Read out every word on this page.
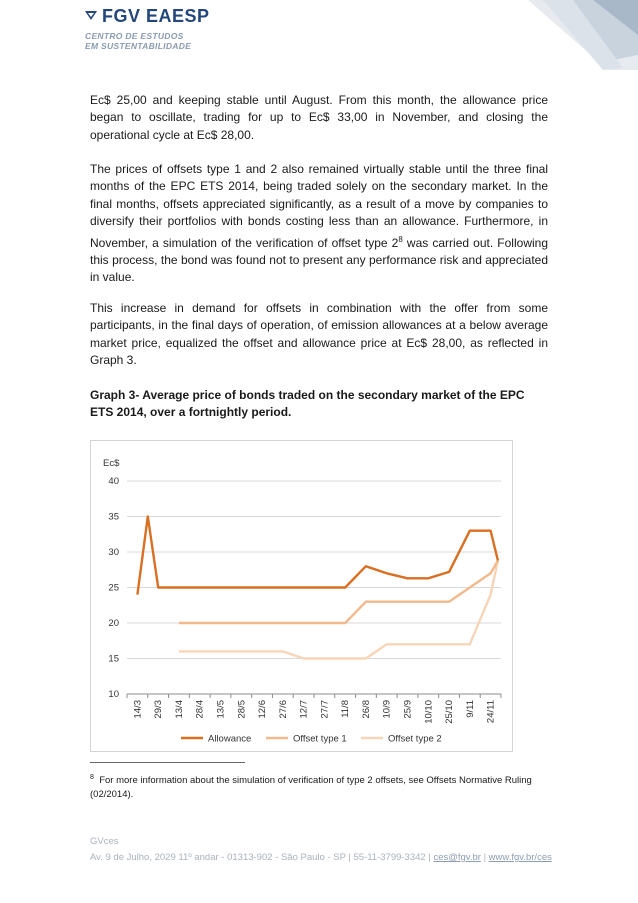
FGV EAESP
CENTRO DE ESTUDOS
EM SUSTENTABILIDADE
Ec$ 25,00 and keeping stable until August. From this month, the allowance price began to oscillate, trading for up to Ec$ 33,00 in November, and closing the operational cycle at Ec$ 28,00.
The prices of offsets type 1 and 2 also remained virtually stable until the three final months of the EPC ETS 2014, being traded solely on the secondary market. In the final months, offsets appreciated significantly, as a result of a move by companies to diversify their portfolios with bonds costing less than an allowance. Furthermore, in November, a simulation of the verification of offset type $2^8$ was carried out. Following this process, the bond was found not to present any performance risk and appreciated in value.
This increase in demand for offsets in combination with the offer from some participants, in the final days of operation, of emission allowances at a below average market price, equalized the offset and allowance price at Ec$ 28,00, as reflected in Graph 3.
Graph 3- Average price of bonds traded on the secondary market of the EPC ETS 2014, over a fortnightly period.
10
15
20
25
30
35
40
Ec$
14/3 29/3 13/4 28/4 13/5 28/5 12/6 27/6 12/7 27/7 11/8 26/8 10/9 25/9 10/10 25/10 9/11 24/11
Allowance	Offset type 1	Offset type 2
$^8$ For more information about the simulation of verification of type 2 offsets, see Offsets Normative Ruling (02/2014).
GVces
Av. 9 de Julho, 2029 11º andar - 01313-902 - São Paulo - SP | 55-11-3799-3342 | ces@fgv.br | www.fgv.br/ces
